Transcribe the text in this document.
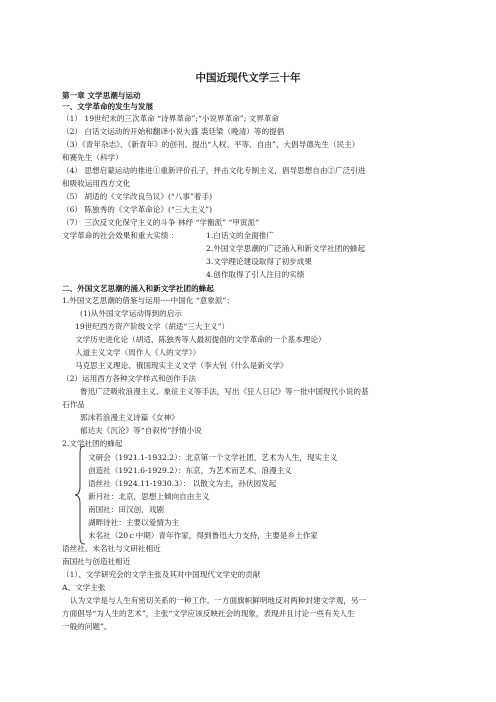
中国近现代文学三十年
第一章 文学思潮与运动
一、文学革命的发生与发展
（1） 19世纪末的三次革命 “诗界革命”;“小说界革命”; 文界革命
（2） 白话文运动的开始和翻译小说大盛 裘廷梁（晚清）等的提倡
（3）《青年杂志》、《新青年》的创刊、提出“人权、平等、自由”、大倡导德先生（民主）
和赛先生（科学）
（4） 思想启蒙运动的推进①重新评价孔子，抨击文化专制主义，倡导思想自由②广泛引进
和吸收运用西方文化
（5） 胡适的《文学改良刍议》(“八事”着手)
（6） 陈独秀的《文学革命论》(“三大主义”)
（7） 三次反文化保守主义的斗争 林纾 “学衡派” “甲寅派”
文学革命的社会效果和重大实绩 ：	1.白话文的全面推广
2.外国文学思潮的广泛涌入和新文学社团的蜂起
3.文学理论建设取得了初步成果
4.创作取得了引人注目的实绩
二、外国文艺思潮的涌入和新文学社团的蜂起
1.外国文艺思潮的借鉴与运用----中国化 “意象派”；
(1)从外国文学运动得到的启示
19世纪西方资产阶级文学（胡适“三大主义”）
文学历史进化论（胡适、陈独秀等人最初提倡的文学革命的一个基本理论）
人道主义文学（周作人《人的文学》）
马克思主义理论、俄国现实主义文学（李大钊《什么是新文学》
（2）运用西方各种文学样式和创作手法
鲁迅广泛吸收浪漫主义、象征主义等手法，写出《狂人日记》等一批中国现代小说的基
石作品
郭沫若浪漫主义诗篇《女神》
郁达夫《沉沦》等“自叙传”抒情小说
2.文学社团的蜂起
文研会（1921.1-1932.2）：北京第一个文学社团，艺术为人生，现实主义
创造社（1921.6-1929.2）：东京，为艺术而艺术，浪漫主义
语丝社（1924.11-1930.3）： 以散文为主，孙伏园发起
新月社：北京，思想上倾向自由主义
南国社：田汉创，戏剧
湖畔诗社：主要以爱情为主
未名社（20ｃ中期）青年作家，得到鲁迅大力支持，主要是乡土作家
语丝社、未名社与文研社相近
南国社与创造社相近
（1）、文学研究会的文学主张及其对中国现代文学史的贡献
A、文学主张
认为文学是与人生有密切关系的一种工作。一方面旗帜鲜明地反对两种封建文学观，另一
方面倡导“为人生的艺术”，主张“文学应该反映社会的现象，表现并且讨论一些有关人生
一般的问题”。
